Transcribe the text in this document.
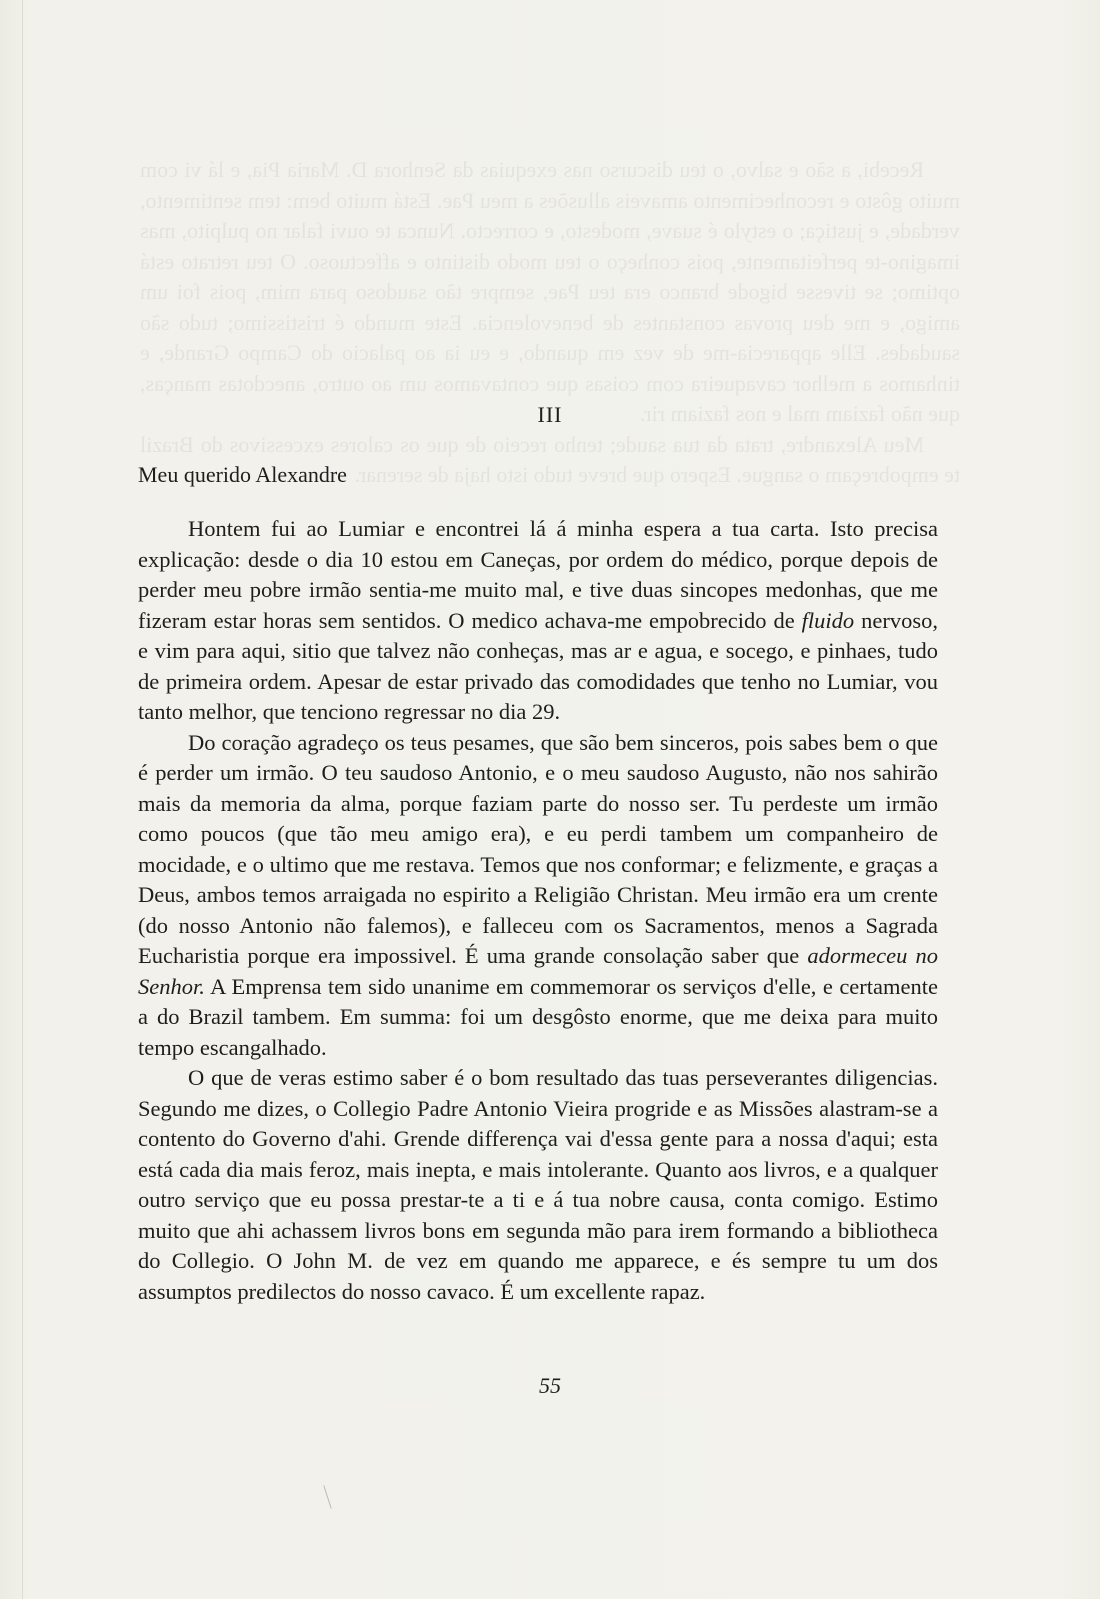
Recebi, a são e salvo, o teu discurso nas exequias da Senhora D. Maria Pia, e lá vi com muito gôsto e reconhecimento amaveis allusões a meu Pae. Está muito bem: tem sentimento, verdade, e justiça; o estylo é suave, modesto, e correcto. Nunca te ouvi falar no pulpito, mas imagino-te perfeitamente, pois conheço o teu modo distinto e affectuoso. O teu retrato está optimo; se tivesse bigode branco era teu Pae, sempre tão saudoso para mim, pois foi um amigo, e me deu provas constantes de benevolencia. Este mundo é tristissimo; tudo são saudades. Elle apparecia-me de vez em quando, e eu ia ao palacio do Campo Grande, e tinhamos a melhor cavaqueira com coisas que contavamos um ao outro, anecdotas manças, que não faziam mal e nos faziam rir.

Meu Alexandre, trata da tua saude; tenho receio de que os calores excessivos do Brazil te empobreçam o sangue. Espero que breve tudo isto haja de serenar.

III

Meu querido Alexandre

Hontem fui ao Lumiar e encontrei lá á minha espera a tua carta. Isto precisa explicação: desde o dia 10 estou em Caneças, por ordem do médico, porque depois de perder meu pobre irmão sentia-me muito mal, e tive duas sincopes medonhas, que me fizeram estar horas sem sentidos. O medico achava-me empobrecido de fluido nervoso, e vim para aqui, sitio que talvez não conheças, mas ar e agua, e socego, e pinhaes, tudo de primeira ordem. Apesar de estar privado das comodidades que tenho no Lumiar, vou tanto melhor, que tenciono regressar no dia 29.

Do coração agradeço os teus pesames, que são bem sinceros, pois sabes bem o que é perder um irmão. O teu saudoso Antonio, e o meu saudoso Augusto, não nos sahirão mais da memoria da alma, porque faziam parte do nosso ser. Tu perdeste um irmão como poucos (que tão meu amigo era), e eu perdi tambem um companheiro de mocidade, e o ultimo que me restava. Temos que nos conformar; e felizmente, e graças a Deus, ambos temos arraigada no espirito a Religião Christan. Meu irmão era um crente (do nosso Antonio não falemos), e falleceu com os Sacramentos, menos a Sagrada Eucharistia porque era impossivel. É uma grande consolação saber que adormeceu no Senhor. A Emprensa tem sido unanime em commemorar os serviços d'elle, e certamente a do Brazil tambem. Em summa: foi um desgôsto enorme, que me deixa para muito tempo escangalhado.

O que de veras estimo saber é o bom resultado das tuas perseverantes diligencias. Segundo me dizes, o Collegio Padre Antonio Vieira progride e as Missões alastram-se a contento do Governo d'ahi. Grende differença vai d'essa gente para a nossa d'aqui; esta está cada dia mais feroz, mais inepta, e mais intolerante. Quanto aos livros, e a qualquer outro serviço que eu possa prestar-te a ti e á tua nobre causa, conta comigo. Estimo muito que ahi achassem livros bons em segunda mão para irem formando a bibliotheca do Collegio. O John M. de vez em quando me apparece, e és sempre tu um dos assumptos predilectos do nosso cavaco. É um excellente rapaz.

55
